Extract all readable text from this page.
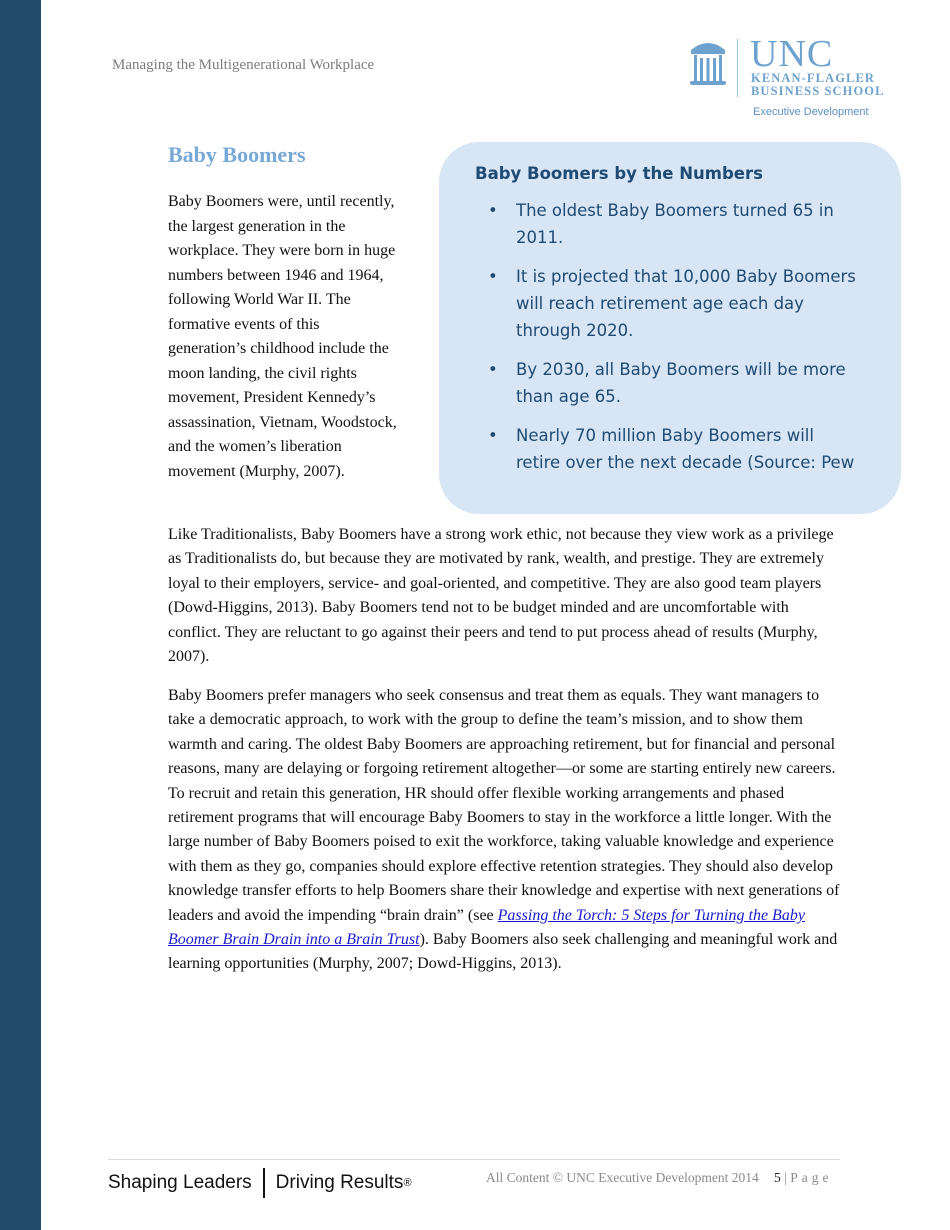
Managing the Multigenerational Workplace	UNC
KENAN-FLAGLER
BUSINESS SCHOOL
Executive Development
Baby Boomers

Baby Boomers were, until recently, the largest generation in the workplace. They were born in huge numbers between 1946 and 1964, following World War II. The formative events of this generation’s childhood include the moon landing, the civil rights movement, President Kennedy’s assassination, Vietnam, Woodstock, and the women’s liberation movement (Murphy, 2007).

Baby Boomers by the Numbers
• The oldest Baby Boomers turned 65 in 2011.
• It is projected that 10,000 Baby Boomers will reach retirement age each day through 2020.
• By 2030, all Baby Boomers will be more than age 65.
• Nearly 70 million Baby Boomers will retire over the next decade (Source: Pew

Like Traditionalists, Baby Boomers have a strong work ethic, not because they view work as a privilege as Traditionalists do, but because they are motivated by rank, wealth, and prestige. They are extremely loyal to their employers, service- and goal-oriented, and competitive. They are also good team players (Dowd-Higgins, 2013). Baby Boomers tend not to be budget minded and are uncomfortable with conflict. They are reluctant to go against their peers and tend to put process ahead of results (Murphy, 2007).

Baby Boomers prefer managers who seek consensus and treat them as equals. They want managers to take a democratic approach, to work with the group to define the team’s mission, and to show them warmth and caring. The oldest Baby Boomers are approaching retirement, but for financial and personal reasons, many are delaying or forgoing retirement altogether—or some are starting entirely new careers. To recruit and retain this generation, HR should offer flexible working arrangements and phased retirement programs that will encourage Baby Boomers to stay in the workforce a little longer. With the large number of Baby Boomers poised to exit the workforce, taking valuable knowledge and experience with them as they go, companies should explore effective retention strategies. They should also develop knowledge transfer efforts to help Boomers share their knowledge and expertise with next generations of leaders and avoid the impending “brain drain” (see Passing the Torch: 5 Steps for Turning the Baby Boomer Brain Drain into a Brain Trust). Baby Boomers also seek challenging and meaningful work and learning opportunities (Murphy, 2007; Dowd-Higgins, 2013).

Shaping Leaders Driving Results ®	All Content © UNC Executive Development 2014 5 | Page
